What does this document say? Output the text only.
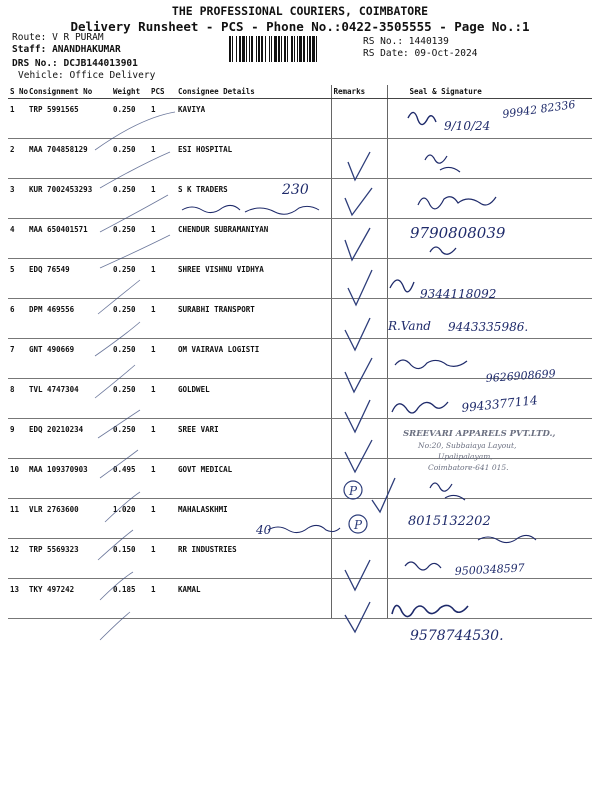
THE PROFESSIONAL COURIERS, COIMBATORE
Delivery Runsheet - PCS - Phone No.:0422-3505555 - Page No.:1
Route: V R PURAM
Staff: ANANDHAKUMAR
DRS No.: DCJB144013901
Vehicle: Office Delivery
RS No.: 1440139
RS Date: 09-Oct-2024
S No	Consignment No	Weight	PCS	Consignee Details	Remarks	Seal & Signature
1	TRP 5991565	0.250	1	KAVIYA		
2	MAA 704858129	0.250	1	ESI HOSPITAL		
3	KUR 7002453293	0.250	1	S K TRADERS		
4	MAA 650401571	0.250	1	CHENDUR SUBRAMANIYAN		
5	EDQ 76549	0.250	1	SHREE VISHNU VIDHYA		
6	DPM 469556	0.250	1	SURABHI TRANSPORT		
7	GNT 490669	0.250	1	OM VAIRAVA LOGISTI		
8	TVL 4747304	0.250	1	GOLDWEL		
9	EDQ 20210234	0.250	1	SREE VARI		
10	MAA 109370903	0.495	1	GOVT MEDICAL		
11	VLR 2763600	1.020	1	MAHALASKHMI		
12	TRP 5569323	0.150	1	RR INDUSTRIES		
13	TKY 497242	0.185	1	KAMAL		
P
P
9/10/24
99942 82336
230
9790808039
9344118092
R.Vand 9443335986.
9626908699
9943377114
8015132202
40
9500348597
9578744530.
SREEVARI APPARELS PVT.LTD.,
No:20, Subbaiaya Layout,
Upalipalayam,
Coimbatore-641 015.
